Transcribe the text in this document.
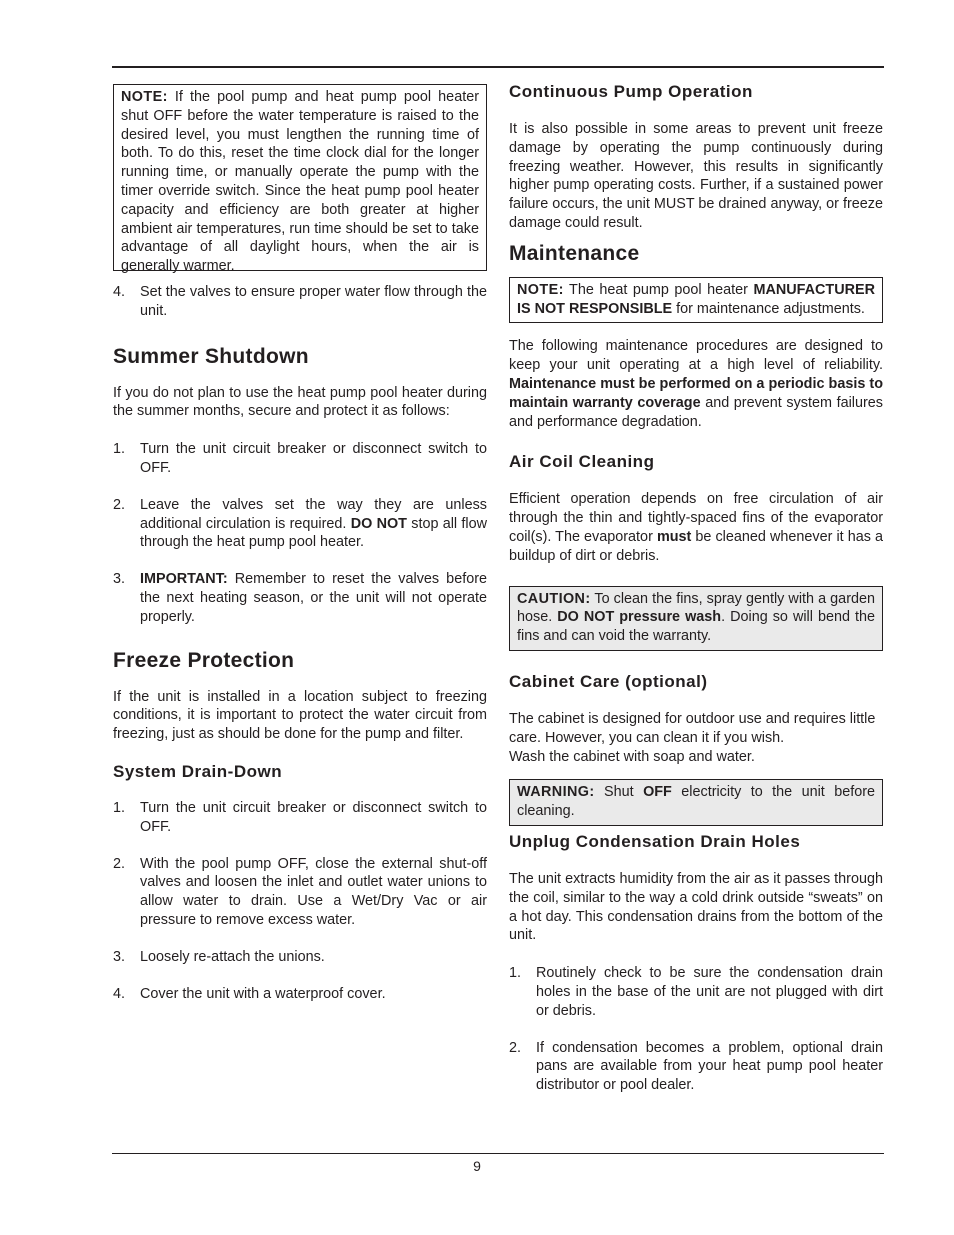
NOTE: If the pool pump and heat pump pool heater shut OFF before the water temperature is raised to the desired level, you must lengthen the running time of both. To do this, reset the time clock dial for the longer running time, or manually operate the pump with the timer override switch. Since the heat pump pool heater capacity and efficiency are both greater at higher ambient air temperatures, run time should be set to take advantage of all daylight hours, when the air is generally warmer.

4. Set the valves to ensure proper water flow through the unit.
Summer Shutdown

If you do not plan to use the heat pump pool heater during the summer months, secure and protect it as follows:

1. Turn the unit circuit breaker or disconnect switch to OFF.
2. Leave the valves set the way they are unless additional circulation is required. DO NOT stop all flow through the heat pump pool heater.
3. IMPORTANT: Remember to reset the valves before the next heating season, or the unit will not operate properly.
Freeze Protection

If the unit is installed in a location subject to freezing conditions, it is important to protect the water circuit from freezing, just as should be done for the pump and filter.

System Drain-Down
1. Turn the unit circuit breaker or disconnect switch to OFF.
2. With the pool pump OFF, close the external shut-off valves and loosen the inlet and outlet water unions to allow water to drain. Use a Wet/Dry Vac or air pressure to remove excess water.
3. Loosely re-attach the unions.
4. Cover the unit with a waterproof cover.
Continuous Pump Operation

It is also possible in some areas to prevent unit freeze damage by operating the pump continuously during freezing weather. However, this results in significantly higher pump operating costs. Further, if a sustained power failure occurs, the unit MUST be drained anyway, or freeze damage could result.

Maintenance

NOTE: The heat pump pool heater MANUFACTURER IS NOT RESPONSIBLE for maintenance adjustments.

The following maintenance procedures are designed to keep your unit operating at a high level of reliability. Maintenance must be performed on a periodic basis to maintain warranty coverage and prevent system failures and performance degradation.

Air Coil Cleaning

Efficient operation depends on free circulation of air through the thin and tightly-spaced fins of the evaporator coil(s). The evaporator must be cleaned whenever it has a buildup of dirt or debris.

CAUTION: To clean the fins, spray gently with a garden hose. DO NOT pressure wash. Doing so will bend the fins and can void the warranty.

Cabinet Care (optional)

The cabinet is designed for outdoor use and requires little care. However, you can clean it if you wish.

Wash the cabinet with soap and water.

WARNING: Shut OFF electricity to the unit before cleaning.

Unplug Condensation Drain Holes

The unit extracts humidity from the air as it passes through the coil, similar to the way a cold drink outside “sweats” on a hot day. This condensation drains from the bottom of the unit.

1. Routinely check to be sure the condensation drain holes in the base of the unit are not plugged with dirt or debris.
2. If condensation becomes a problem, optional drain pans are available from your heat pump pool heater distributor or pool dealer.
9
